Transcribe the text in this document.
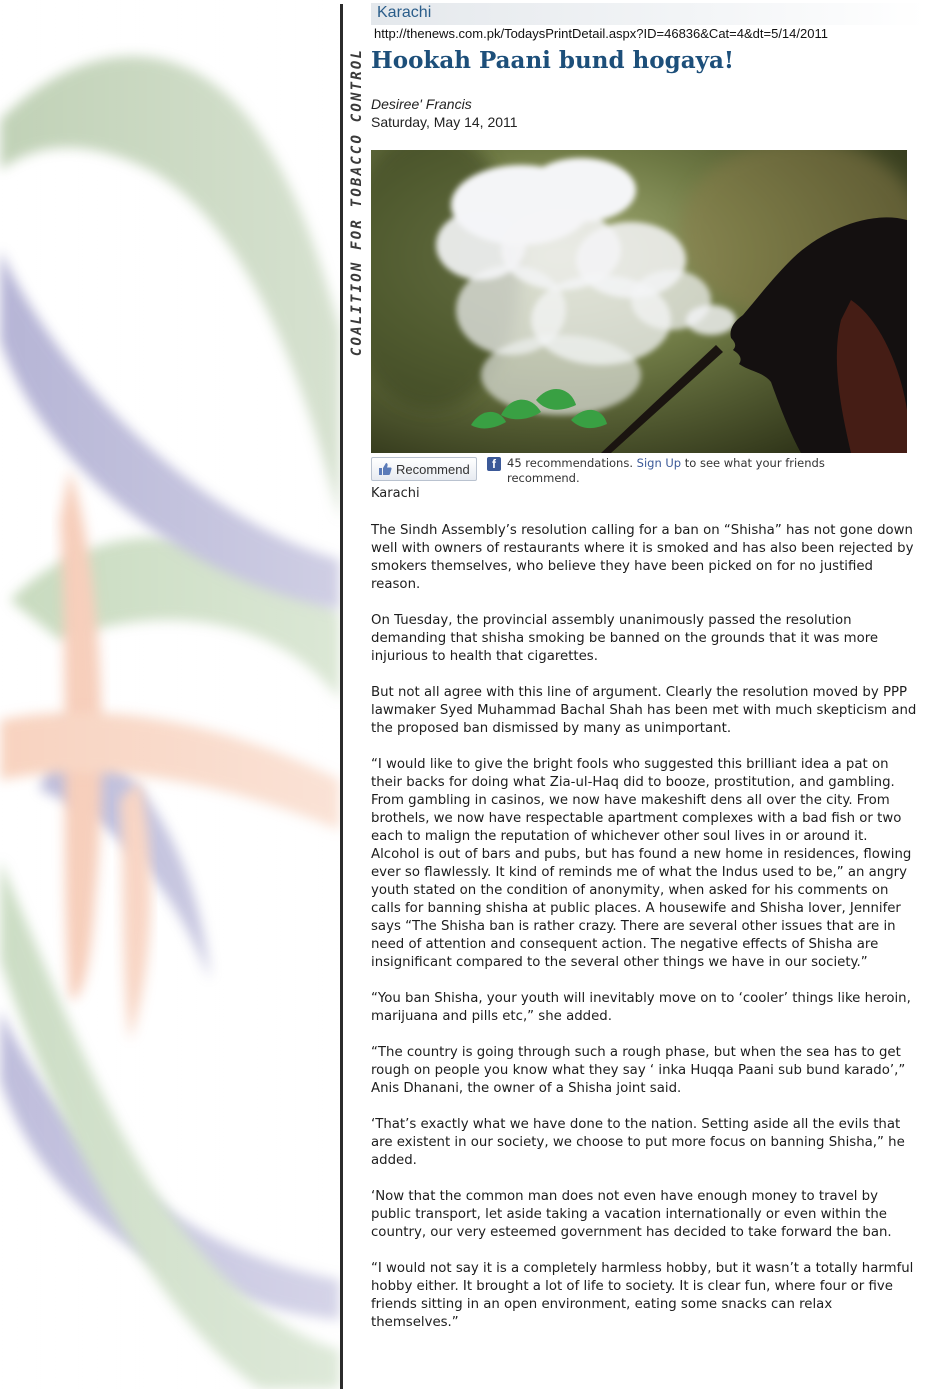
COALITION FOR TOBACCO CONTROL
Karachi
http://thenews.com.pk/TodaysPrintDetail.aspx?ID=46836&Cat=4&dt=5/14/2011
Hookah Paani bund hogaya!
Desiree' Francis
Saturday, May 14, 2011
Recommend	f 45 recommendations. Sign Up to see what your friends recommend.
Karachi

The Sindh Assembly’s resolution calling for a ban on “Shisha” has not gone down well with owners of restaurants where it is smoked and has also been rejected by smokers themselves, who believe they have been picked on for no justified reason.

On Tuesday, the provincial assembly unanimously passed the resolution demanding that shisha smoking be banned on the grounds that it was more injurious to health that cigarettes.

But not all agree with this line of argument. Clearly the resolution moved by PPP lawmaker Syed Muhammad Bachal Shah has been met with much skepticism and the proposed ban dismissed by many as unimportant.

“I would like to give the bright fools who suggested this brilliant idea a pat on their backs for doing what Zia-ul-Haq did to booze, prostitution, and gambling. From gambling in casinos, we now have makeshift dens all over the city. From brothels, we now have respectable apartment complexes with a bad fish or two each to malign the reputation of whichever other soul lives in or around it. Alcohol is out of bars and pubs, but has found a new home in residences, flowing ever so flawlessly. It kind of reminds me of what the Indus used to be,” an angry youth stated on the condition of anonymity, when asked for his comments on calls for banning shisha at public places. A housewife and Shisha lover, Jennifer says “The Shisha ban is rather crazy. There are several other issues that are in need of attention and consequent action. The negative effects of Shisha are insignificant compared to the several other things we have in our society.”

“You ban Shisha, your youth will inevitably move on to ‘cooler’ things like heroin, marijuana and pills etc,” she added.

“The country is going through such a rough phase, but when the sea has to get rough on people you know what they say ‘ inka Huqqa Paani sub bund karado’,” Anis Dhanani, the owner of a Shisha joint said.

‘That’s exactly what we have done to the nation. Setting aside all the evils that are existent in our society, we choose to put more focus on banning Shisha,” he added.

‘Now that the common man does not even have enough money to travel by public transport, let aside taking a vacation internationally or even within the country, our very esteemed government has decided to take forward the ban.

“I would not say it is a completely harmless hobby, but it wasn’t a totally harmful hobby either. It brought a lot of life to society. It is clear fun, where four or five friends sitting in an open environment, eating some snacks can relax themselves.”
